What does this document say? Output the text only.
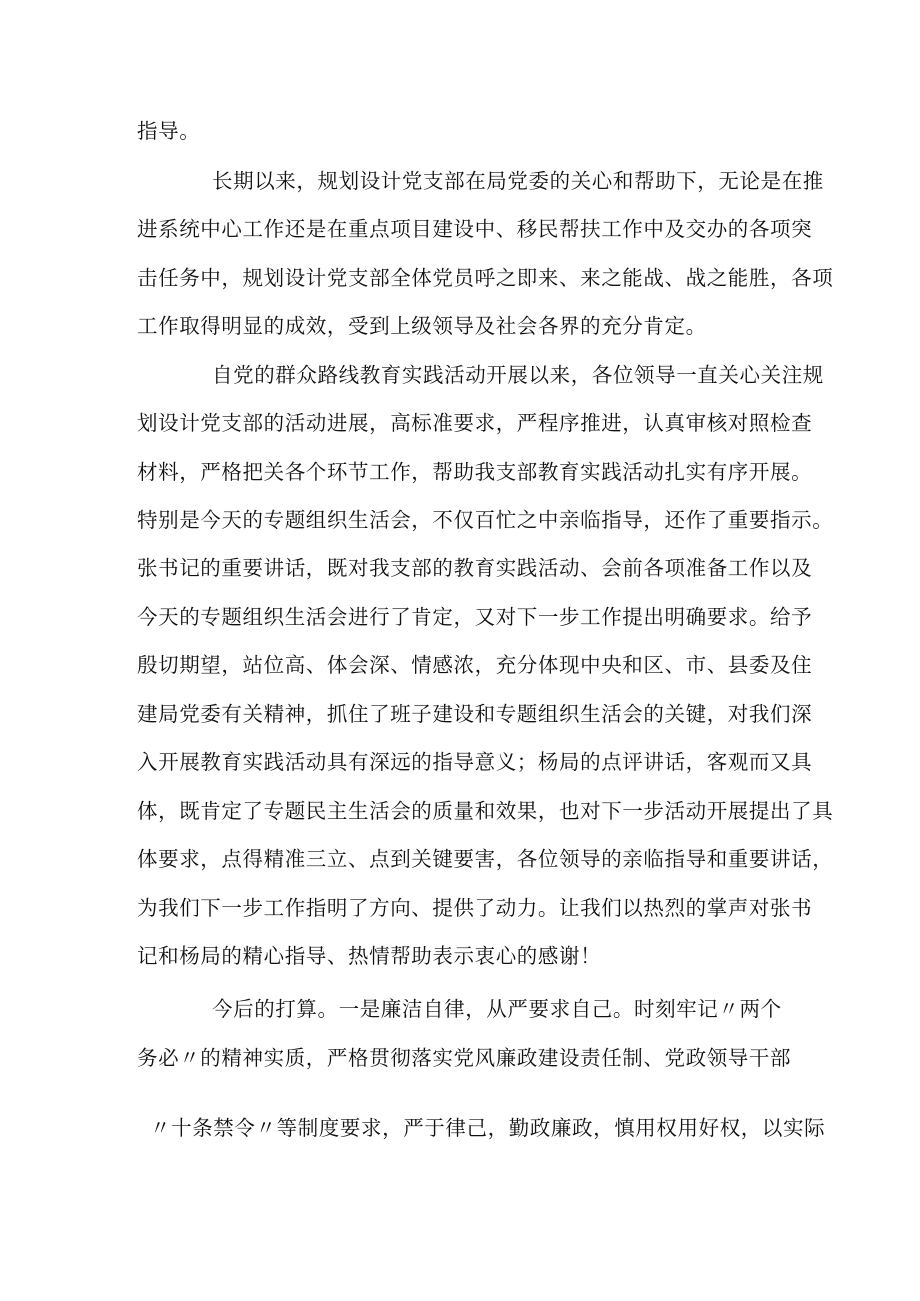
指导。
长期以来，规划设计党支部在局党委的关心和帮助下，无论是在推
进系统中心工作还是在重点项目建设中、移民帮扶工作中及交办的各项突
击任务中，规划设计党支部全体党员呼之即来、来之能战、战之能胜，各项
工作取得明显的成效，受到上级领导及社会各界的充分肯定。
自党的群众路线教育实践活动开展以来，各位领导一直关心关注规
划设计党支部的活动进展，高标准要求，严程序推进，认真审核对照检查
材料，严格把关各个环节工作，帮助我支部教育实践活动扎实有序开展。
特别是今天的专题组织生活会，不仅百忙之中亲临指导，还作了重要指示。
张书记的重要讲话，既对我支部的教育实践活动、会前各项准备工作以及
今天的专题组织生活会进行了肯定，又对下一步工作提出明确要求。给予
殷切期望，站位高、体会深、情感浓，充分体现中央和区、市、县委及住
建局党委有关精神，抓住了班子建设和专题组织生活会的关键，对我们深
入开展教育实践活动具有深远的指导意义；杨局的点评讲话，客观而又具
体，既肯定了专题民主生活会的质量和效果，也对下一步活动开展提出了具
体要求，点得精准三立、点到关键要害，各位领导的亲临指导和重要讲话，
为我们下一步工作指明了方向、提供了动力。让我们以热烈的掌声对张书
记和杨局的精心指导、热情帮助表示衷心的感谢！
今后的打算。一是廉洁自律，从严要求自己。时刻牢记〃两个
务必〃的精神实质，严格贯彻落实党风廉政建设责任制、党政领导干部
〃十条禁令〃等制度要求，严于律己，勤政廉政，慎用权用好权，以实际
